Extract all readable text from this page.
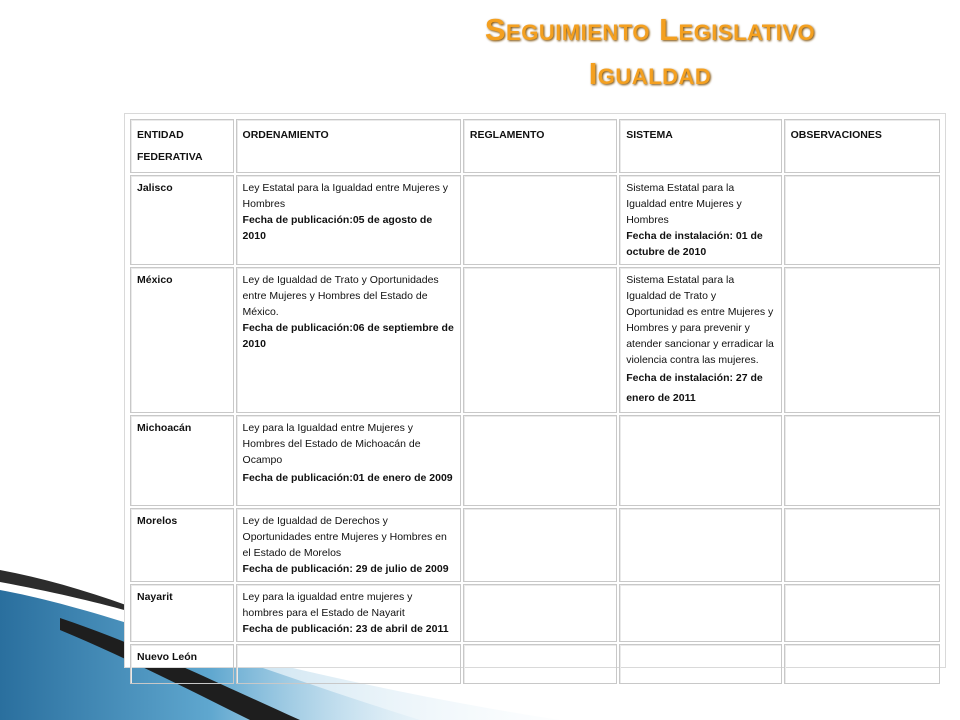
Seguimiento Legislativo
Igualdad
ENTIDAD FEDERATIVA	ORDENAMIENTO	REGLAMENTO	SISTEMA	OBSERVACIONES
Jalisco	Ley Estatal para la Igualdad entre Mujeres y Hombres
Fecha de publicación:05 de agosto de 2010		Sistema Estatal para la Igualdad entre Mujeres y Hombres
Fecha de instalación: 01 de octubre de 2010	

México	Ley de Igualdad de Trato y Oportunidades entre Mujeres y Hombres del Estado de México.
Fecha de publicación:06 de septiembre de 2010		Sistema Estatal para la Igualdad de Trato y Oportunidad es entre Mujeres y Hombres y para prevenir y atender sancionar y erradicar la violencia contra las mujeres.
Fecha de instalación: 27 de enero de 2011	

Michoacán	Ley para la Igualdad entre Mujeres y Hombres del Estado de Michoacán de Ocampo
Fecha de publicación:01 de enero de 2009			

Morelos	Ley de Igualdad de Derechos y Oportunidades entre Mujeres y Hombres en el Estado de Morelos
Fecha de publicación: 29 de julio de 2009			

Nayarit	Ley para la igualdad entre mujeres y hombres para el Estado de Nayarit
Fecha de publicación: 23 de abril de 2011			

Nuevo León				
